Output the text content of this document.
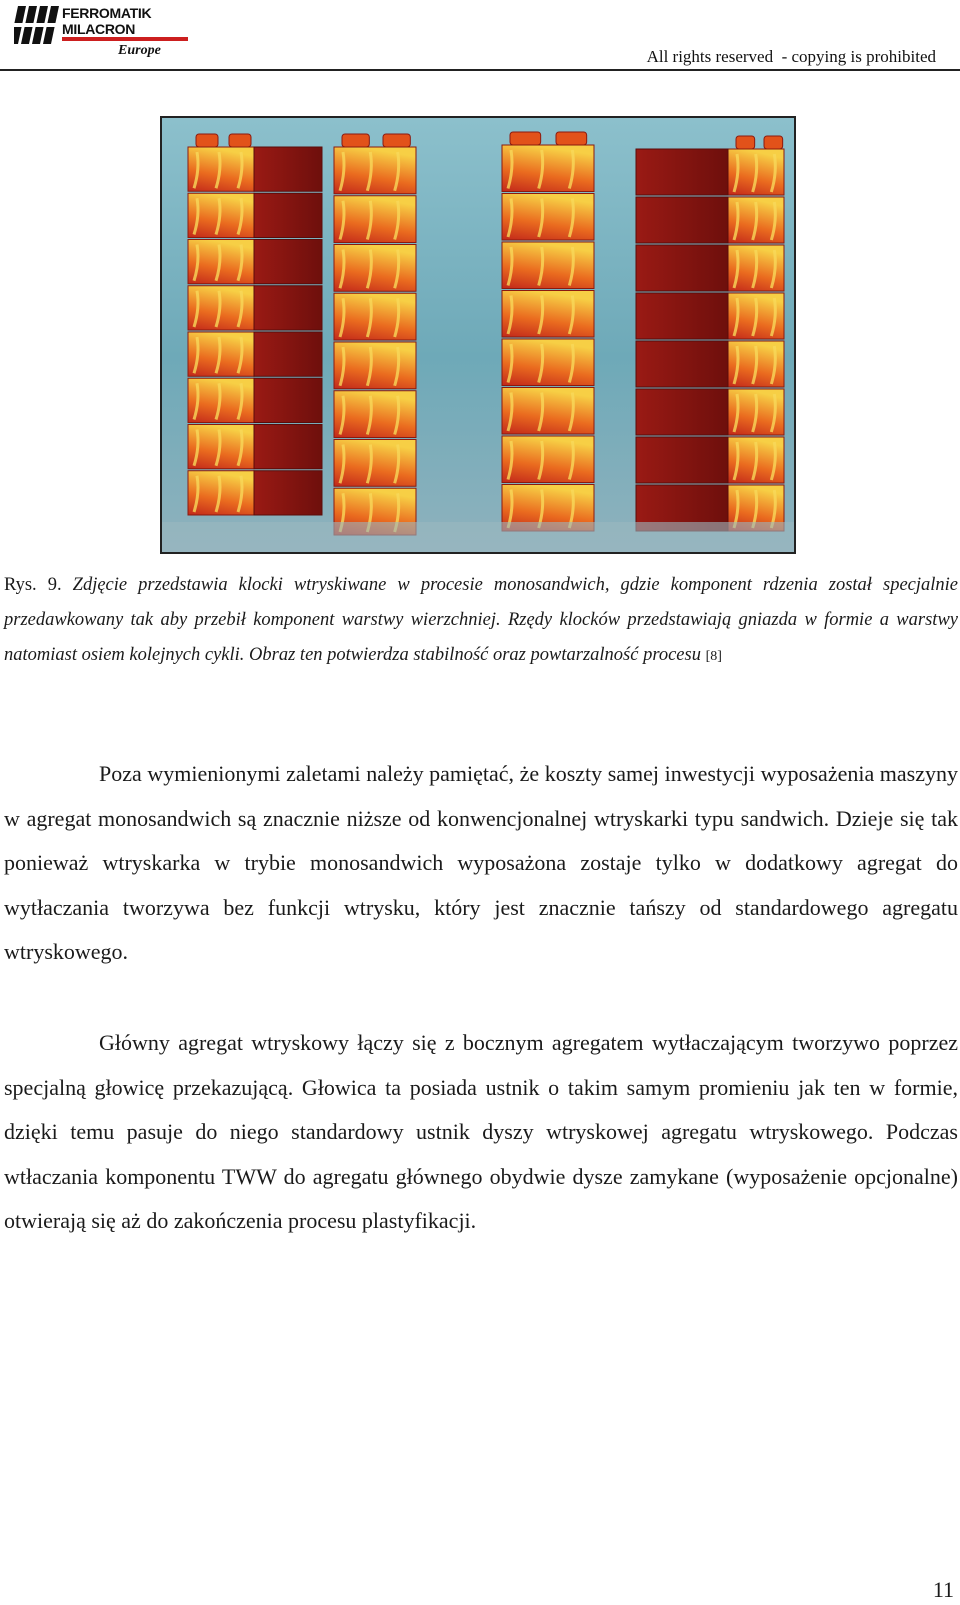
FERROMATIK
MILACRON
Europe	All rights reserved  - copying is prohibited
Rys. 9. Zdjęcie przedstawia klocki wtryskiwane w procesie monosandwich, gdzie komponent rdzenia został specjalnie przedawkowany tak aby przebił komponent warstwy wierzchniej. Rzędy klocków przedstawiają gniazda w formie a warstwy natomiast osiem kolejnych cykli. Obraz ten potwierdza stabilność oraz powtarzalność procesu [8]

Poza wymienionymi zaletami należy pamiętać, że koszty samej inwestycji wyposażenia maszyny w agregat monosandwich są znacznie niższe od konwencjonalnej wtryskarki typu sandwich. Dzieje się tak ponieważ wtryskarka w trybie monosandwich wyposażona zostaje tylko w dodatkowy agregat do wytłaczania tworzywa bez funkcji wtrysku, który jest znacznie tańszy od standardowego agregatu wtryskowego.

Główny agregat wtryskowy łączy się z bocznym agregatem wytłaczającym tworzywo poprzez specjalną głowicę przekazującą. Głowica ta posiada ustnik o takim samym promieniu jak ten w formie, dzięki temu pasuje do niego standardowy ustnik dyszy wtryskowej agregatu wtryskowego. Podczas wtłaczania komponentu TWW do agregatu głównego obydwie dysze zamykane (wyposażenie opcjonalne) otwierają się aż do zakończenia procesu plastyfikacji.

11
